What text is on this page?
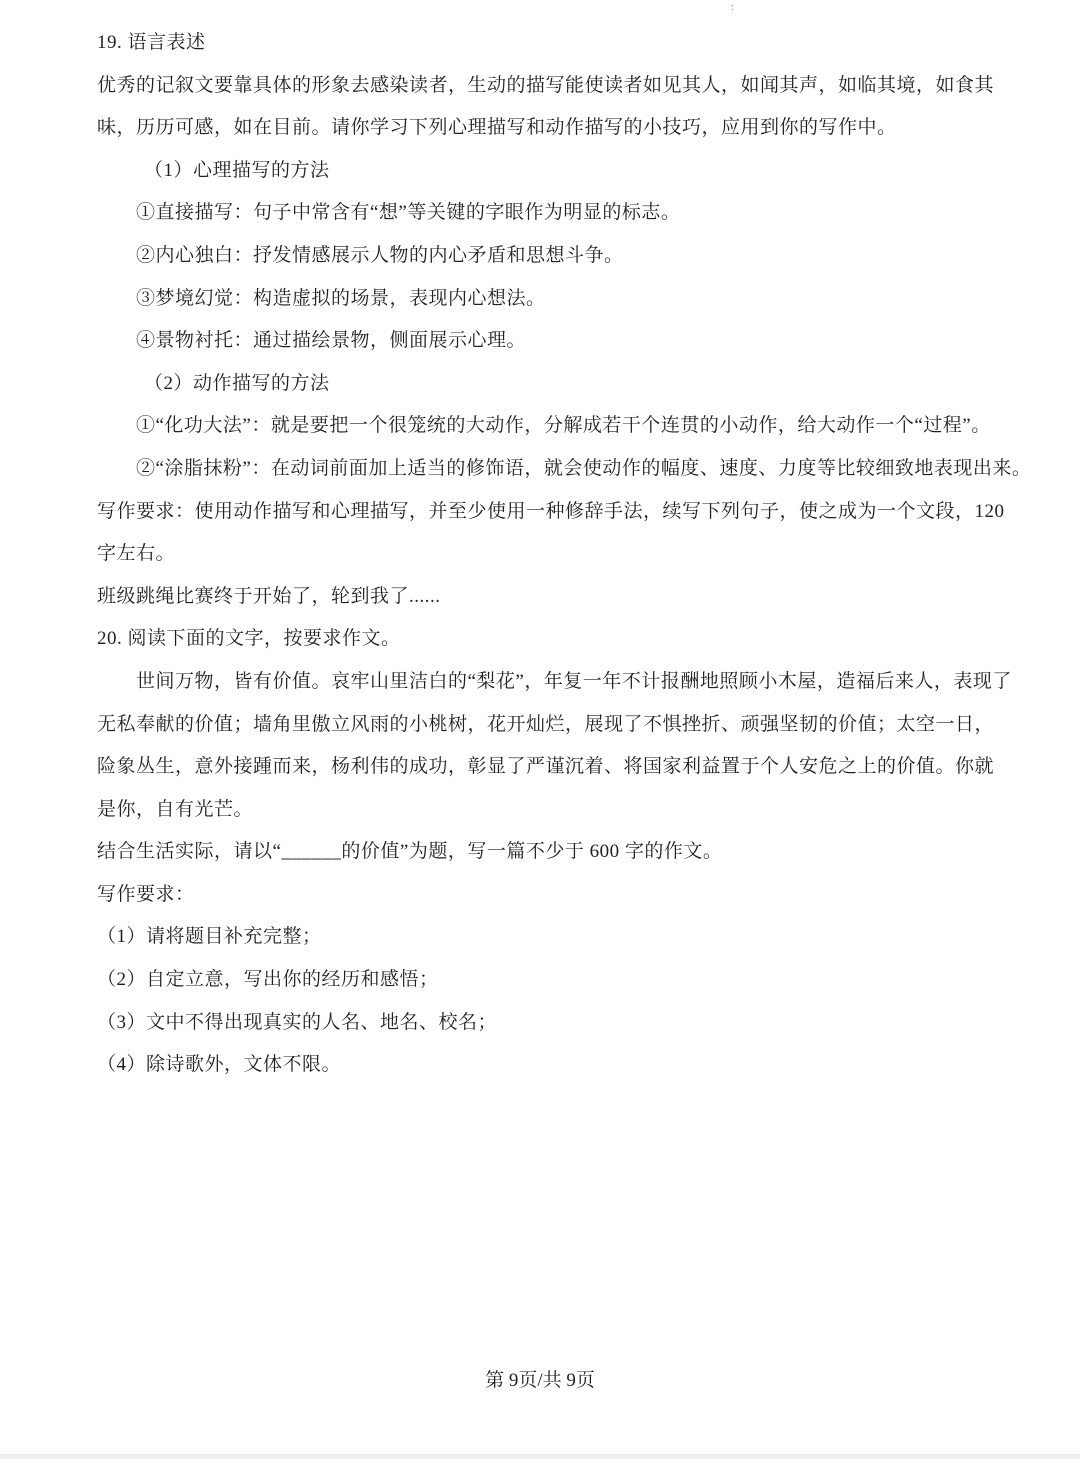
:
19. 语言表述
优秀的记叙文要靠具体的形象去感染读者，生动的描写能使读者如见其人，如闻其声，如临其境，如食其
味，历历可感，如在目前。请你学习下列心理描写和动作描写的小技巧，应用到你的写作中。
（1）心理描写的方法
①直接描写：句子中常含有“想”等关键的字眼作为明显的标志。
②内心独白：抒发情感展示人物的内心矛盾和思想斗争。
③梦境幻觉：构造虚拟的场景，表现内心想法。
④景物衬托：通过描绘景物，侧面展示心理。
（2）动作描写的方法
①“化功大法”：就是要把一个很笼统的大动作，分解成若干个连贯的小动作，给大动作一个“过程”。
②“涂脂抹粉”：在动词前面加上适当的修饰语，就会使动作的幅度、速度、力度等比较细致地表现出来。
写作要求：使用动作描写和心理描写，并至少使用一种修辞手法，续写下列句子，使之成为一个文段，120
字左右。
班级跳绳比赛终于开始了，轮到我了......
20. 阅读下面的文字，按要求作文。
世间万物，皆有价值。哀牢山里洁白的“梨花”，年复一年不计报酬地照顾小木屋，造福后来人，表现了
无私奉献的价值；墙角里傲立风雨的小桃树，花开灿烂，展现了不惧挫折、顽强坚韧的价值；太空一日，
险象丛生，意外接踵而来，杨利伟的成功，彰显了严谨沉着、将国家利益置于个人安危之上的价值。你就
是你，自有光芒。
结合生活实际，请以“______的价值”为题，写一篇不少于 600 字的作文。
写作要求：
（1）请将题目补充完整；
（2）自定立意，写出你的经历和感悟；
（3）文中不得出现真实的人名、地名、校名；
（4）除诗歌外，文体不限。
第 9页/共 9页
